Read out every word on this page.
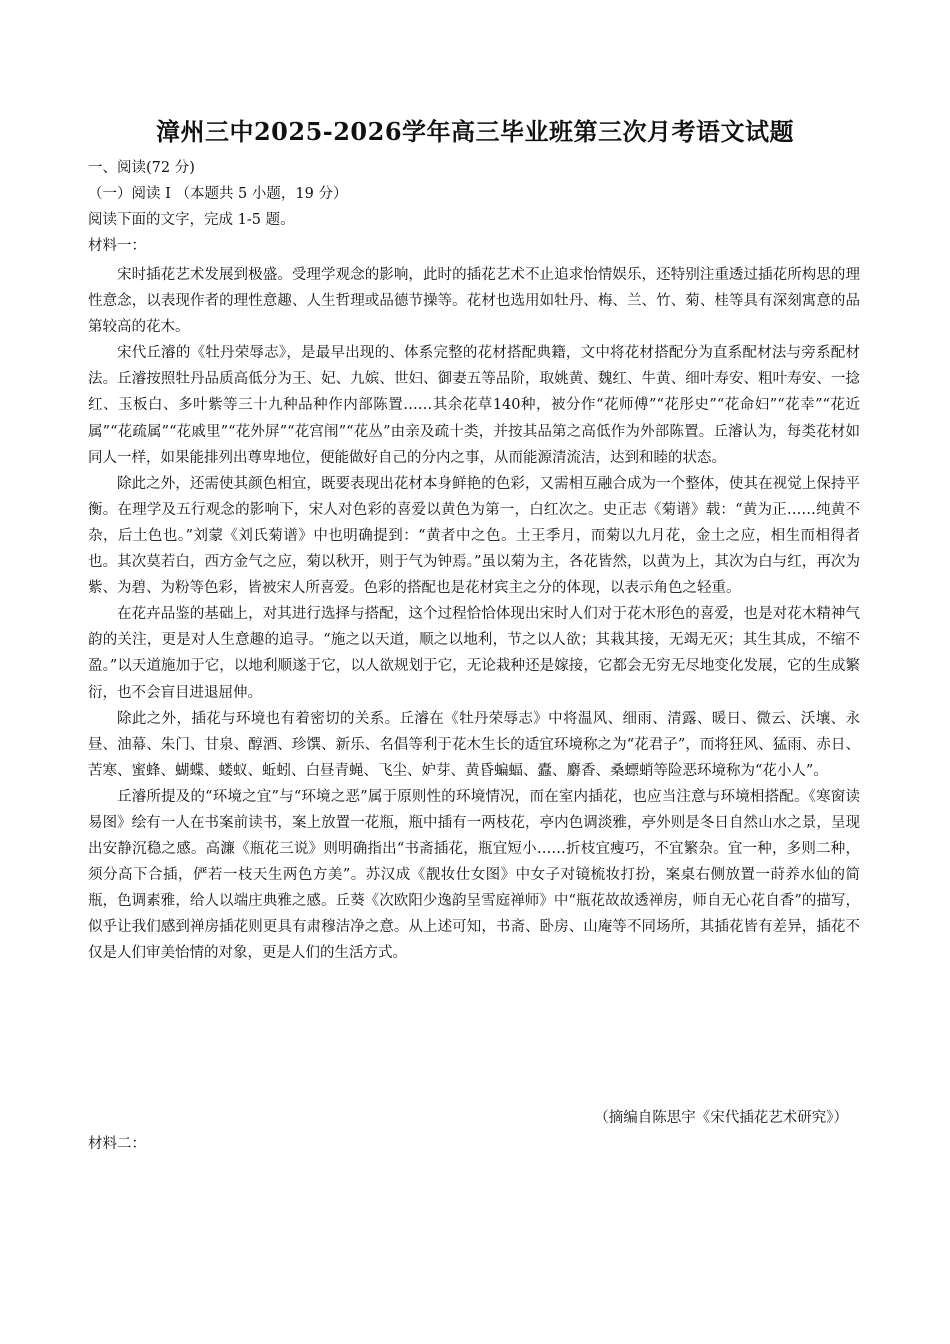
漳州三中2025-2026学年高三毕业班第三次月考语文试题
一、阅读(72 分)
（一）阅读 Ⅰ （本题共 5 小题，19 分）
阅读下面的文字，完成 1-5 题。
材料一：

宋时插花艺术发展到极盛。受理学观念的影响，此时的插花艺术不止追求怡情娱乐，还特别注重透过插花所构思的理性意念，以表现作者的理性意趣、人生哲理或品德节操等。花材也选用如牡丹、梅、兰、竹、菊、桂等具有深刻寓意的品第较高的花木。

宋代丘濬的《牡丹荣辱志》，是最早出现的、体系完整的花材搭配典籍，文中将花材搭配分为直系配材法与旁系配材法。丘濬按照牡丹品质高低分为王、妃、九嫔、世妇、御妻五等品阶，取姚黄、魏红、牛黄、细叶寿安、粗叶寿安、一捻红、玉板白、多叶紫等三十九种品种作内部陈置……其余花草140种，被分作“花师傅”“花彤史”“花命妇”“花幸”“花近属”“花疏属”“花戚里”“花外屏”“花宫闱”“花丛”由亲及疏十类，并按其品第之高低作为外部陈置。丘濬认为，每类花材如同人一样，如果能排列出尊卑地位，便能做好自己的分内之事，从而能源清流洁，达到和睦的状态。

除此之外，还需使其颜色相宜，既要表现出花材本身鲜艳的色彩，又需相互融合成为一个整体，使其在视觉上保持平衡。在理学及五行观念的影响下，宋人对色彩的喜爱以黄色为第一，白红次之。史正志《菊谱》载：“黄为正……纯黄不杂，后土色也。”刘蒙《刘氏菊谱》中也明确提到：“黄者中之色。土王季月，而菊以九月花，金土之应，相生而相得者也。其次莫若白，西方金气之应，菊以秋开，则于气为钟焉。”虽以菊为主，各花皆然，以黄为上，其次为白与红，再次为紫、为碧、为粉等色彩，皆被宋人所喜爱。色彩的搭配也是花材宾主之分的体现，以表示角色之轻重。

在花卉品鉴的基础上，对其进行选择与搭配，这个过程恰恰体现出宋时人们对于花木形色的喜爱，也是对花木精神气韵的关注，更是对人生意趣的追寻。“施之以天道，顺之以地利，节之以人欲；其栽其接，无竭无灭；其生其成，不缩不盈。”以天道施加于它，以地利顺遂于它，以人欲规划于它，无论栽种还是嫁接，它都会无穷无尽地变化发展，它的生成繁衍，也不会盲目进退屈伸。

除此之外，插花与环境也有着密切的关系。丘濬在《牡丹荣辱志》中将温风、细雨、清露、暖日、微云、沃壤、永昼、油幕、朱门、甘泉、醇酒、珍馔、新乐、名倡等利于花木生长的适宜环境称之为“花君子”，而将狂风、猛雨、赤日、苦寒、蜜蜂、蝴蝶、蝼蚁、蚯蚓、白昼青蝇、飞尘、妒芽、黄昏蝙蝠、蠹、麝香、桑螵蛸等险恶环境称为“花小人”。

丘濬所提及的“环境之宜”与“环境之恶”属于原则性的环境情况，而在室内插花，也应当注意与环境相搭配。《寒窗读易图》绘有一人在书案前读书，案上放置一花瓶，瓶中插有一两枝花，亭内色调淡雅，亭外则是冬日自然山水之景，呈现出安静沉稳之感。高濂《瓶花三说》则明确指出“书斋插花，瓶宜短小……折枝宜瘦巧，不宜繁杂。宜一种，多则二种，须分高下合插，俨若一枝天生两色方美”。苏汉成《靓妆仕女图》中女子对镜梳妆打扮，案桌右侧放置一莳养水仙的简瓶，色调素雅，给人以端庄典雅之感。丘葵《次欧阳少逸韵呈雪庭禅师》中“瓶花故故透禅房，师自无心花自香”的描写，似乎让我们感到禅房插花则更具有肃穆洁净之意。从上述可知，书斋、卧房、山庵等不同场所，其插花皆有差异，插花不仅是人们审美怡情的对象，更是人们的生活方式。

（摘编自陈思宇《宋代插花艺术研究》）
材料二：
